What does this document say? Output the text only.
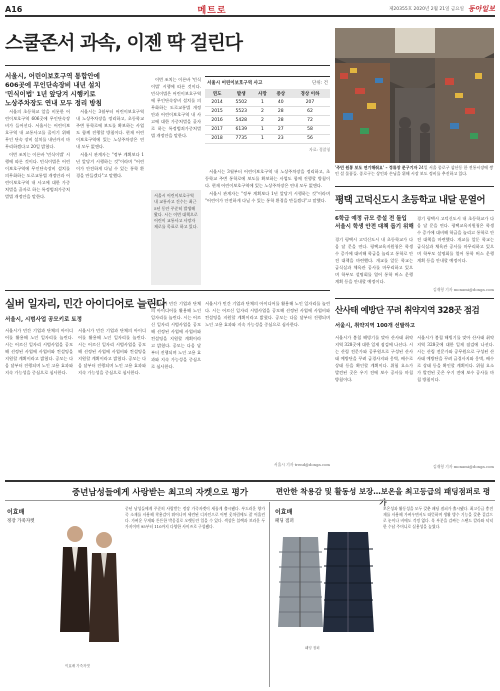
A16	메트로	제20355호 2020년 2월 21일 금요일 동아일보
스쿨존서 과속, 이젠 딱 걸린다
서울시, 어린이보호구역 통합안에
606곳에 무인단속장비 내년 설치
'민식이법' 1년 앞당겨 시행키로
노상주차장도 연내 모두 정리 방침

서울의 초등학교 앞을 비롯한 어린이보호구역 606곳에 무인단속장비가 들어선다. 서울시는 어린이보호구역 내 교통사고를 줄이기 위해 무인 단속 장비 설치를 내년까지 마무리하겠다고 20일 밝혔다.

이번 조치는 이른바 '민식이법' 시행에 따른 것이다. 민식이법은 어린이보호구역에 무인단속장비 설치를 의무화하는 도로교통법 개정안과 어린이보호구역 내 사고에 대한 가중처벌을 골자로 하는 특정범죄가중처벌법 개정안을 말한다.

서울시는 3월부터 어린이보호구역 내 노상주차장을 정리하고, 초등학교 주변 통학로에 보도를 확보하는 사업도 함께 진행할 방침이다. 현재 어린이보호구역에 있는 노상주차장은 연내 모두 없앤다.

서울시 관계자는 "정부 계획보다 1년 앞당겨 시행하는 것"이라며 "어린이가 안전하게 다닐 수 있는 통학 환경을 만들겠다"고 말했다.

이번 조치는 이른바 '민식이법' 시행에 따른 것이다. 민식이법은 어린이보호구역에 무인단속장비 설치를 의무화하는 도로교통법 개정안과 어린이보호구역 내 사고에 대한 가중처벌을 골자로 하는 특정범죄가중처벌법 개정안을 말한다.

서울시 어린이보호구역 내 교통사고 건수는 최근 5년 동안 꾸준히 발생해 왔다. 시는 이번 대책으로 어린이 교통사고 사망자 제로를 목표로 하고 있다.
서울시 어린이보호구역 사고	단위: 건
연도	발생	사망	중상	경상 이하
2014	5502	1	40	207
2015	5523	2	28	62
2016	5428	2	28	72
2017	6139	1	27	58
2018	7735	1	23	56
자료: 경찰청

서울시는 3월부터 어린이보호구역 내 노상주차장을 정리하고, 초등학교 주변 통학로에 보도를 확보하는 사업도 함께 진행할 방침이다. 현재 어린이보호구역에 있는 노상주차장은 연내 모두 없앤다.

서울시 관계자는 "정부 계획보다 1년 앞당겨 시행하는 것"이라며 "어린이가 안전하게 다닐 수 있는 통학 환경을 만들겠다"고 말했다.

'주민 원봉 보도 연기해줘요' – 정류장 문구기자 24일 서울 종로구 삼산동 한 전통시장에 쌓인 설 물품들. 종로구는 상인과 손님을 위해 시장 보도 정비를 추진하고 있다.
평택 고덕신도시 초등학교 내달 문열어
6학급 예정 규모 증설 전 돌입
서울시 학생 안전 대책 돕기 위해
경기 평택시 고덕신도시 내 초등학교가 다음 달 문을 연다. 평택교육지원청은 학생 수 증가에 대비해 학급을 늘리고 통학로 안전 대책을 마련했다. 개교를 앞둔 학교는 급식실과 체육관 공사를 마무리하고 있으며 학부모 설명회를 열어 통학 버스 운행 계획 등을 안내할 예정이다.
경기 평택시 고덕신도시 내 초등학교가 다음 달 문을 연다. 평택교육지원청은 학생 수 증가에 대비해 학급을 늘리고 통학로 안전 대책을 마련했다. 개교를 앞둔 학교는 급식실과 체육관 공사를 마무리하고 있으며 학부모 설명회를 열어 통학 버스 운행 계획 등을 안내할 예정이다.
김재형 기자 monami@donga.com
실버 일자리, 민간 아이디어로 늘린다
서울시, 시범사업 공모키로 토정
서울시가 민간 기업과 단체의 아이디어를 활용해 노인 일자리를 늘린다. 시는 어르신 일자리 시범사업을 공모해 선정된 사업에 사업비와 컨설팅을 지원할 계획이라고 밝혔다. 공모는 다음 달부터 진행되며 노인 고용 효과와 지속 가능성을 중심으로 심사한다.
서울시가 민간 기업과 단체의 아이디어를 활용해 노인 일자리를 늘린다. 시는 어르신 일자리 시범사업을 공모해 선정된 사업에 사업비와 컨설팅을 지원할 계획이라고 밝혔다. 공모는 다음 달부터 진행되며 노인 고용 효과와 지속 가능성을 중심으로 심사한다.
서울시가 민간 기업과 단체의 아이디어를 활용해 노인 일자리를 늘린다. 시는 어르신 일자리 시범사업을 공모해 선정된 사업에 사업비와 컨설팅을 지원할 계획이라고 밝혔다. 공모는 다음 달부터 진행되며 노인 고용 효과와 지속 가능성을 중심으로 심사한다.
서울시가 민간 기업과 단체의 아이디어를 활용해 노인 일자리를 늘린다. 시는 어르신 일자리 시범사업을 공모해 선정된 사업에 사업비와 컨설팅을 지원할 계획이라고 밝혔다. 공모는 다음 달부터 진행되며 노인 고용 효과와 지속 가능성을 중심으로 심사한다.
서울시 기자 trend@donga.com
산사태 예방단 꾸려 취약지역 328곳 점검
서울시, 취약지역 100개 선발하고
서울시가 봄철 해빙기를 맞아 산사태 취약지역 328곳에 대한 일제 점검에 나선다. 시는 산림 전문가와 공무원으로 구성된 산사태 예방단을 꾸려 급경사지와 옹벽, 배수로 상태 등을 확인할 계획이다. 위험 요소가 발견된 곳은 우기 전에 보수 공사를 마칠 방침이다.
서울시가 봄철 해빙기를 맞아 산사태 취약지역 328곳에 대한 일제 점검에 나선다. 시는 산림 전문가와 공무원으로 구성된 산사태 예방단을 꾸려 급경사지와 옹벽, 배수로 상태 등을 확인할 계획이다. 위험 요소가 발견된 곳은 우기 전에 보수 공사를 마칠 방침이다.
김재형 기자 monami@donga.com
중년남성들에게 사랑받는 최고의 자켓으로 평가	편안한 착용감 및 활동성 보장…보온을 최고등급의 패딩점퍼로 평가
이효배
정장 가죽자켓
이효배 가죽자켓
중년 남성들에게 꾸준히 사랑받는 정장 가죽자켓이 새롭게 출시됐다. 부드러운 양가죽 소재를 사용해 착용감이 뛰어나며 세련된 디자인으로 어떤 옷차림에도 잘 어울린다. 가벼운 무게와 튼튼한 박음질로 오랫동안 입을 수 있다. 색상은 블랙과 브라운 두 가지이며 95부터 110까지 다양한 사이즈로 구성됐다.
이효배
패딩 점퍼
패딩 점퍼
보온성과 활동성을 모두 갖춘 패딩 점퍼가 출시됐다. 최고등급 충전재를 사용해 가벼우면서도 따뜻하며 생활 방수 기능을 갖춘 겉감으로 눈이나 비에도 걱정 없다. 목 부분을 감싸는 스탠드 칼라와 넉넉한 수납 주머니로 실용성을 높였다.
